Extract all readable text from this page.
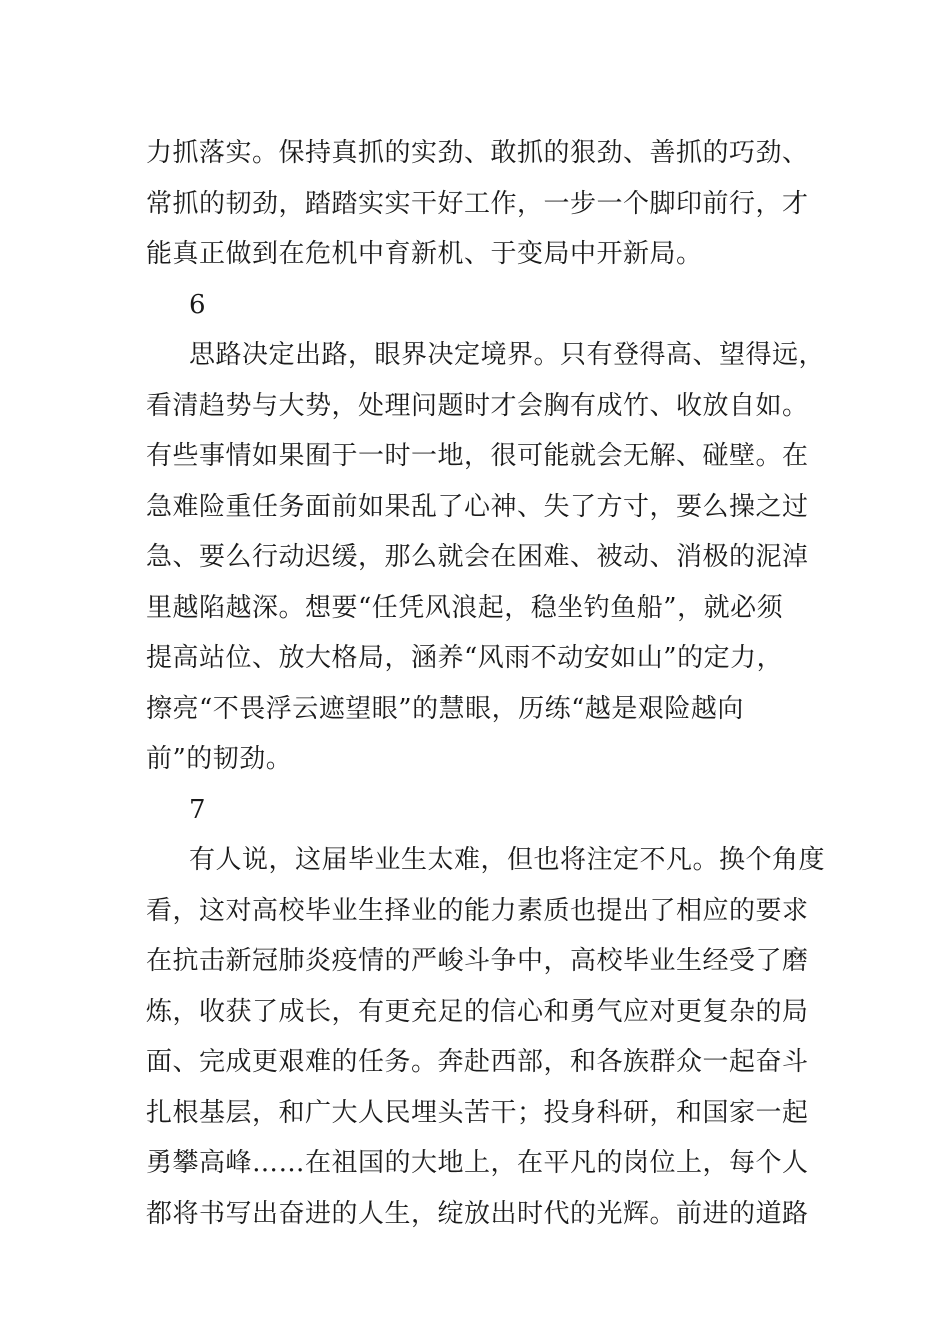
力抓落实。保持真抓的实劲、敢抓的狠劲、善抓的巧劲、
常抓的韧劲，踏踏实实干好工作，一步一个脚印前行，才
能真正做到在危机中育新机、于变局中开新局。

6

思路决定出路，眼界决定境界。只有登得高、望得远，
看清趋势与大势，处理问题时才会胸有成竹、收放自如。
有些事情如果囿于一时一地，很可能就会无解、碰壁。在
急难险重任务面前如果乱了心神、失了方寸，要么操之过
急、要么行动迟缓，那么就会在困难、被动、消极的泥淖
里越陷越深。想要“任凭风浪起，稳坐钓鱼船”，就必须
提高站位、放大格局，涵养“风雨不动安如山”的定力，
擦亮“不畏浮云遮望眼”的慧眼，历练“越是艰险越向
前”的韧劲。

7

有人说，这届毕业生太难，但也将注定不凡。换个角度
看，这对高校毕业生择业的能力素质也提出了相应的要求
在抗击新冠肺炎疫情的严峻斗争中，高校毕业生经受了磨
炼，收获了成长，有更充足的信心和勇气应对更复杂的局
面、完成更艰难的任务。奔赴西部，和各族群众一起奋斗
扎根基层，和广大人民埋头苦干；投身科研，和国家一起
勇攀高峰……在祖国的大地上，在平凡的岗位上，每个人
都将书写出奋进的人生，绽放出时代的光辉。前进的道路
